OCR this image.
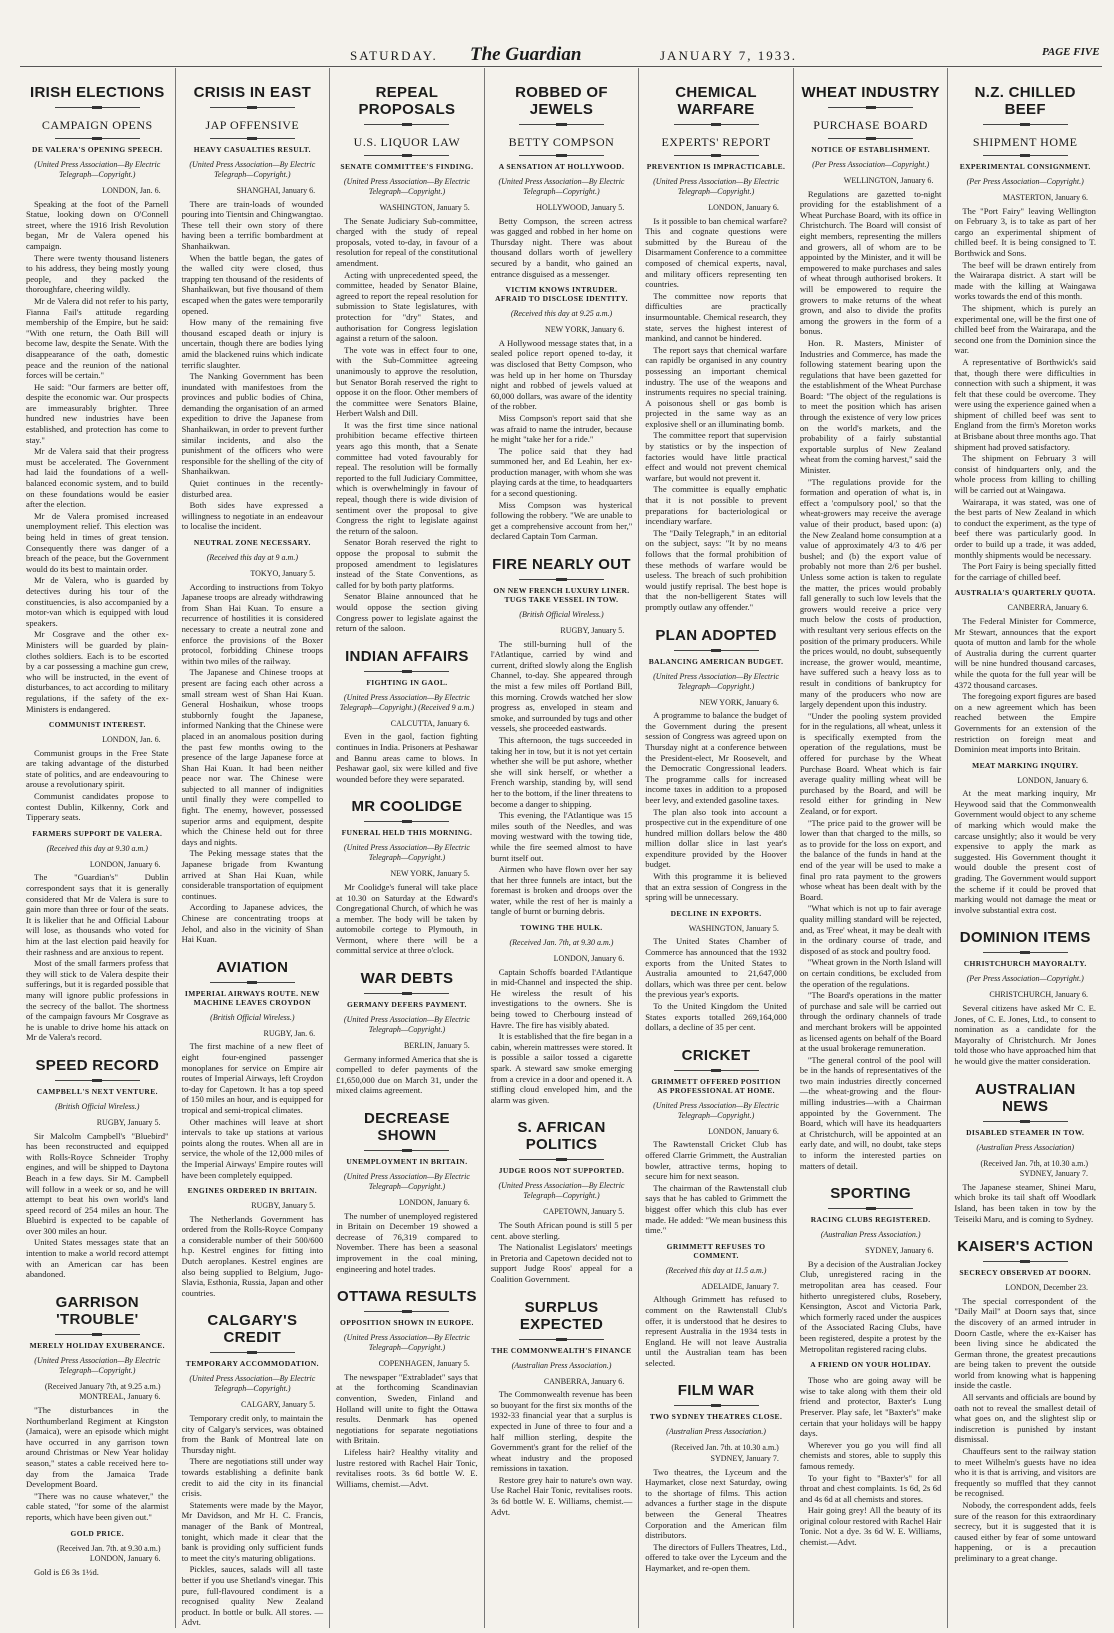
SATURDAY. The Guardian	JANUARY 7, 1933.	PAGE FIVE
IRISH ELECTIONS
CAMPAIGN OPENS
DE VALERA'S OPENING SPEECH.
(United Press Association—By Electric Telegraph—Copyright.)
LONDON, Jan. 6.

Speaking at the foot of the Parnell Statue, looking down on O'Connell street, where the 1916 Irish Revolution began, Mr de Valera opened his campaign.

There were twenty thousand listeners to his address, they being mostly young people, and they packed the thoroughfare, cheering wildly.

Mr de Valera did not refer to his party, Fianna Fail's attitude regarding membership of the Empire, but he said: "With one return, the Oath Bill will become law, despite the Senate. With the disappearance of the oath, domestic peace and the reunion of the national forces will be certain."

He said: "Our farmers are better off, despite the economic war. Our prospects are immeasurably brighter. Three hundred new industries have been established, and protection has come to stay."

Mr de Valera said that their progress must be accelerated. The Government had laid the foundations of a well-balanced economic system, and to build on these foundations would be easier after the election.

Mr de Valera promised increased unemployment relief. This election was being held in times of great tension. Consequently there was danger of a breach of the peace, but the Government would do its best to maintain order.

Mr de Valera, who is guarded by detectives during his tour of the constituencies, is also accompanied by a motor-van which is equipped with loud speakers.

Mr Cosgrave and the other ex-Ministers will be guarded by plain-clothes soldiers. Each is to be escorted by a car possessing a machine gun crew, who will be instructed, in the event of disturbances, to act according to military regulations, if the safety of the ex-Ministers is endangered.

COMMUNIST INTEREST.
LONDON, Jan. 6.

Communist groups in the Free State are taking advantage of the disturbed state of politics, and are endeavouring to arouse a revolutionary spirit.

Communist candidates propose to contest Dublin, Kilkenny, Cork and Tipperary seats.

FARMERS SUPPORT DE VALERA.
(Received this day at 9.30 a.m.)
LONDON, January 6.

The "Guardian's" Dublin correspondent says that it is generally considered that Mr de Valera is sure to gain more than three or four of the seats. It is likelier that he and Official Labour will lose, as thousands who voted for him at the last election paid heavily for their rashness and are anxious to repent.

Most of the small farmers profess that they will stick to de Valera despite their sufferings, but it is regarded possible that many will ignore public professions in the secrecy of the ballot. The shortness of the campaign favours Mr Cosgrave as he is unable to drive home his attack on Mr de Valera's record.

SPEED RECORD
CAMPBELL'S NEXT VENTURE.
(British Official Wireless.)
RUGBY, January 5.

Sir Malcolm Campbell's "Bluebird" has been reconstructed and equipped with Rolls-Royce Schneider Trophy engines, and will be shipped to Daytona Beach in a few days. Sir M. Campbell will follow in a week or so, and he will attempt to beat his own world's land speed record of 254 miles an hour. The Bluebird is expected to be capable of over 300 miles an hour.

United States messages state that an intention to make a world record attempt with an American car has been abandoned.

GARRISON 'TROUBLE'
MERELY HOLIDAY EXUBERANCE.
(United Press Association—By Electric Telegraph—Copyright.)
(Received January 7th, at 9.25 a.m.) MONTREAL, January 6.

"The disturbances in the Northumberland Regiment at Kingston (Jamaica), were an episode which might have occurred in any garrison town around Christmas or New Year holiday season," states a cable received here to-day from the Jamaica Trade Development Board.

"There was no cause whatever," the cable stated, "for some of the alarmist reports, which have been given out."

GOLD PRICE.
(Received Jan. 7th. at 9.30 a.m.) LONDON, January 6.

Gold is £6 3s 1½d.

CRISIS IN EAST
JAP OFFENSIVE
HEAVY CASUALTIES RESULT.
(United Press Association—By Electric Telegraph—Copyright.)
SHANGHAI, January 6.

There are train-loads of wounded pouring into Tientsin and Chingwangtao. These tell their own story of there having been a terrific bombardment at Shanhaikwan.

When the battle began, the gates of the walled city were closed, thus trapping ten thousand of the residents of Shanhaikwan, but five thousand of them escaped when the gates were temporarily opened.

How many of the remaining five thousand escaped death or injury is uncertain, though there are bodies lying amid the blackened ruins which indicate terrific slaughter.

The Nanking Government has been inundated with manifestoes from the provinces and public bodies of China, demanding the organisation of an armed expedition to drive the Japanese from Shanhaikwan, in order to prevent further similar incidents, and also the punishment of the officers who were responsible for the shelling of the city of Shanhaikwan.

Quiet continues in the recently-disturbed area.

Both sides have expressed a willingness to negotiate in an endeavour to localise the incident.

NEUTRAL ZONE NECESSARY.
(Received this day at 9 a.m.)
TOKYO, January 5.

According to instructions from Tokyo Japanese troops are already withdrawing from Shan Hai Kuan. To ensure a recurrence of hostilities it is considered necessary to create a neutral zone and enforce the provisions of the Boxer protocol, forbidding Chinese troops within two miles of the railway.

The Japanese and Chinese troops at present are facing each other across a small stream west of Shan Hai Kuan. General Hoshaikun, whose troops stubbornly fought the Japanese, informed Nanking that the Chinese were placed in an anomalous position during the past few months owing to the presence of the large Japanese force at Shan Hai Kuan. It had been neither peace nor war. The Chinese were subjected to all manner of indignities until finally they were compelled to fight. The enemy, however, possessed superior arms and equipment, despite which the Chinese held out for three days and nights.

The Peking message states that the Japanese brigade from Kwantung arrived at Shan Hai Kuan, while considerable transportation of equipment continues.

According to Japanese advices, the Chinese are concentrating troops at Jehol, and also in the vicinity of Shan Hai Kuan.

AVIATION
IMPERIAL AIRWAYS ROUTE. NEW MACHINE LEAVES CROYDON
(British Official Wireless.)
RUGBY, Jan. 6.

The first machine of a new fleet of eight four-engined passenger monoplanes for service on Empire air routes of Imperial Airways, left Croydon to-day for Capetown. It has a top speed of 150 miles an hour, and is equipped for tropical and semi-tropical climates.

Other machines will leave at short intervals to take up stations at various points along the routes. When all are in service, the whole of the 12,000 miles of the Imperial Airways' Empire routes will have been completely equipped.

ENGINES ORDERED IN BRITAIN.
RUGBY, January 5.

The Netherlands Government has ordered from the Rolls-Royce Company a considerable number of their 500/600 h.p. Kestrel engines for fitting into Dutch aeroplanes. Kestrel engines are also being supplied to Belgium, Jugo-Slavia, Esthonia, Russia, Japan and other countries.

CALGARY'S CREDIT
TEMPORARY ACCOMMODATION.
(United Press Association—By Electric Telegraph—Copyright.)
CALGARY, January 5.

Temporary credit only, to maintain the city of Calgary's services, was obtained from the Bank of Montreal late on Thursday night.

There are negotiations still under way towards establishing a definite bank credit to aid the city in its financial crisis.

Statements were made by the Mayor, Mr Davidson, and Mr H. C. Francis, manager of the Bank of Montreal, tonight, which made it clear that the bank is providing only sufficient funds to meet the city's maturing obligations.

Pickles, sauces, salads will all taste better if you use Shetland's vinegar. This pure, full-flavoured condiment is a recognised quality New Zealand product. In bottle or bulk. All stores. —Advt.

REPEAL PROPOSALS
U.S. LIQUOR LAW
SENATE COMMITTEE'S FINDING.
(United Press Association—By Electric Telegraph—Copyright.)
WASHINGTON, January 5.

The Senate Judiciary Sub-committee, charged with the study of repeal proposals, voted to-day, in favour of a resolution for repeal of the constitutional amendment.

Acting with unprecedented speed, the committee, headed by Senator Blaine, agreed to report the repeal resolution for submission to State legislatures, with protection for "dry" States, and authorisation for Congress legislation against a return of the saloon.

The vote was in effect four to one, with the Sub-Committee agreeing unanimously to approve the resolution, but Senator Borah reserved the right to oppose it on the floor. Other members of the committee were Senators Blaine, Herbert Walsh and Dill.

It was the first time since national prohibition became effective thirteen years ago this month, that a Senate committee had voted favourably for repeal. The resolution will be formally reported to the full Judiciary Committee, which is overwhelmingly in favour of repeal, though there is wide division of sentiment over the proposal to give Congress the right to legislate against the return of the saloon.

Senator Borah reserved the right to oppose the proposal to submit the proposed amendment to legislatures instead of the State Conventions, as called for by both party platforms.

Senator Blaine announced that he would oppose the section giving Congress power to legislate against the return of the saloon.

INDIAN AFFAIRS
FIGHTING IN GAOL.
(United Press Association—By Electric Telegraph—Copyright.) (Received 9 a.m.)
CALCUTTA, January 6.

Even in the gaol, faction fighting continues in India. Prisoners at Peshawar and Bannu areas came to blows. In Peshawar gaol, six were killed and five wounded before they were separated.

MR COOLIDGE
FUNERAL HELD THIS MORNING.
(United Press Association—By Electric Telegraph—Copyright.)
NEW YORK, January 5.

Mr Coolidge's funeral will take place at 10.30 on Saturday at the Edward's Congregational Church, of which he was a member. The body will be taken by automobile cortege to Plymouth, in Vermont, where there will be a committal service at three o'clock.

WAR DEBTS
GERMANY DEFERS PAYMENT.
(United Press Association—By Electric Telegraph—Copyright.)
BERLIN, January 5.

Germany informed America that she is compelled to defer payments of the £1,650,000 due on March 31, under the mixed claims agreement.

DECREASE SHOWN
UNEMPLOYMENT IN BRITAIN.
(United Press Association—By Electric Telegraph—Copyright.)
LONDON, January 6.

The number of unemployed registered in Britain on December 19 showed a decrease of 76,319 compared to November. There has been a seasonal improvement in the coal mining, engineering and hotel trades.

OTTAWA RESULTS
OPPOSITION SHOWN IN EUROPE.
(United Press Association—By Electric Telegraph—Copyright.)
COPENHAGEN, January 5.

The newspaper "Extrabladet" says that at the forthcoming Scandinavian convention, Sweden, Finland and Holland will unite to fight the Ottawa results. Denmark has opened negotiations for separate negotiations with Britain.

Lifeless hair? Healthy vitality and lustre restored with Rachel Hair Tonic, revitalises roots. 3s 6d bottle W. E. Williams, chemist.—Advt.

ROBBED OF JEWELS
BETTY COMPSON
A SENSATION AT HOLLYWOOD.
(United Press Association—By Electric Telegraph—Copyright.)
HOLLYWOOD, January 5.

Betty Compson, the screen actress was gagged and robbed in her home on Thursday night. There was about thousand dollars worth of jewellery secured by a bandit, who gained an entrance disguised as a messenger.

VICTIM KNOWS INTRUDER. AFRAID TO DISCLOSE IDENTITY.
(Received this day at 9.25 a.m.)
NEW YORK, January 6.

A Hollywood message states that, in a sealed police report opened to-day, it was disclosed that Betty Compson, who was held up in her home on Thursday night and robbed of jewels valued at 60,000 dollars, was aware of the identity of the robber.

Miss Compson's report said that she was afraid to name the intruder, because he might "take her for a ride."

The police said that they had summoned her, and Ed Leahin, her ex-production manager, with whom she was playing cards at the time, to headquarters for a second questioning.

Miss Compson was hysterical following the robbery. "We are unable to get a comprehensive account from her," declared Captain Tom Carman.

FIRE NEARLY OUT
ON NEW FRENCH LUXURY LINER. TUGS TAKE VESSEL IN TOW.
(British Official Wireless.)
RUGBY, January 5.

The still-burning hull of the l'Atlantique, carried by wind and current, drifted slowly along the English Channel, to-day. She appeared through the mist a few miles off Portland Bill, this morning. Crowds watched her slow progress as, enveloped in steam and smoke, and surrounded by tugs and other vessels, she proceeded eastwards.

This afternoon, the tugs succeeded in taking her in tow, but it is not yet certain whether she will be put ashore, whether she will sink herself, or whether a French warship, standing by, will send her to the bottom, if the liner threatens to become a danger to shipping.

This evening, the l'Atlantique was 15 miles south of the Needles, and was moving westward with the towing tide, while the fire seemed almost to have burnt itself out.

Airmen who have flown over her say that her three funnels are intact, but the foremast is broken and droops over the water, while the rest of her is mainly a tangle of burnt or burning debris.

TOWING THE HULK.
(Received Jan. 7th, at 9.30 a.m.)
LONDON, January 6.

Captain Schoffs boarded l'Atlantique in mid-Channel and inspected the ship. He wireless the result of his investigations to the owners. She is being towed to Cherbourg instead of Havre. The fire has visibly abated.

It is established that the fire began in a cabin, wherein mattresses were stored. It is possible a sailor tossed a cigarette spark. A steward saw smoke emerging from a crevice in a door and opened it. A stifling cloud enveloped him, and the alarm was given.

S. AFRICAN POLITICS
JUDGE ROOS NOT SUPPORTED.
(United Press Association—By Electric Telegraph—Copyright.)
CAPETOWN, January 5.

The South African pound is still 5 per cent. above sterling.

The Nationalist Legislators' meetings in Pretoria and Capetown decided not to support Judge Roos' appeal for a Coalition Government.

SURPLUS EXPECTED
THE COMMONWEALTH'S FINANCE
(Australian Press Association.)
CANBERRA, January 6.

The Commonwealth revenue has been so buoyant for the first six months of the 1932-33 financial year that a surplus is expected in June of three to four and a half million sterling, despite the Government's grant for the relief of the wheat industry and the proposed remissions in taxation.

Restore grey hair to nature's own way. Use Rachel Hair Tonic, revitalises roots. 3s 6d bottle W. E. Williams, chemist.—Advt.

CHEMICAL WARFARE
EXPERTS' REPORT
PREVENTION IS IMPRACTICABLE.
(United Press Association—By Electric Telegraph—Copyright.)
LONDON, January 6.

Is it possible to ban chemical warfare? This and cognate questions were submitted by the Bureau of the Disarmament Conference to a committee composed of chemical experts, naval, and military officers representing ten countries.

The committee now reports that difficulties are practically insurmountable. Chemical research, they state, serves the highest interest of mankind, and cannot be hindered.

The report says that chemical warfare can rapidly be organised in any country possessing an important chemical industry. The use of the weapons and instruments requires no special training. A poisonous shell or gas bomb is projected in the same way as an explosive shell or an illuminating bomb.

The committee report that supervision by statistics or by the inspection of factories would have little practical effect and would not prevent chemical warfare, but would not prevent it.

The committee is equally emphatic that it is not possible to prevent preparations for bacteriological or incendiary warfare.

The "Daily Telegraph," in an editorial on the subject, says: "It by no means follows that the formal prohibition of these methods of warfare would be useless. The breach of such prohibition would justify reprisal. The best hope is that the non-belligerent States will promptly outlaw any offender."

PLAN ADOPTED
BALANCING AMERICAN BUDGET.
(United Press Association—By Electric Telegraph—Copyright.)
NEW YORK, January 6.

A programme to balance the budget of the Government during the present session of Congress was agreed upon on Thursday night at a conference between the President-elect, Mr Roosevelt, and the Democratic Congressional leaders. The programme calls for increased income taxes in addition to a proposed beer levy, and extended gasoline taxes.

The plan also took into account a prospective cut in the expenditure of one hundred million dollars below the 480 million dollar slice in last year's expenditure provided by the Hoover budget.

With this programme it is believed that an extra session of Congress in the spring will be unnecessary.

DECLINE IN EXPORTS.
WASHINGTON, January 5.

The United States Chamber of Commerce has announced that the 1932 exports from the United States to Australia amounted to 21,647,000 dollars, which was three per cent. below the previous year's exports.

To the United Kingdom the United States exports totalled 269,164,000 dollars, a decline of 35 per cent.

CRICKET
GRIMMETT OFFERED POSITION AS PROFESSIONAL AT HOME.
(United Press Association—By Electric Telegraph—Copyright.)
LONDON, January 6.

The Rawtenstall Cricket Club has offered Clarrie Grimmett, the Australian bowler, attractive terms, hoping to secure him for next season.

The chairman of the Rawtenstall club says that he has cabled to Grimmett the biggest offer which this club has ever made. He added: "We mean business this time."

GRIMMETT REFUSES TO COMMENT.
(Received this day at 11.5 a.m.)
ADELAIDE, January 7.

Although Grimmett has refused to comment on the Rawtenstall Club's offer, it is understood that he desires to represent Australia in the 1934 tests in England. He will not leave Australia until the Australian team has been selected.

FILM WAR
TWO SYDNEY THEATRES CLOSE.
(Australian Press Association.)
(Received Jan. 7th. at 10.30 a.m.) SYDNEY, January 7.

Two theatres, the Lyceum and the Haymarket, close next Saturday, owing to the shortage of films. This action advances a further stage in the dispute between the General Theatres Corporation and the American film distributors.

The directors of Fullers Theatres, Ltd., offered to take over the Lyceum and the Haymarket, and re-open them.

WHEAT INDUSTRY
PURCHASE BOARD
NOTICE OF ESTABLISHMENT.
(Per Press Association—Copyright.)
WELLINGTON, January 6.

Regulations are gazetted to-night providing for the establishment of a Wheat Purchase Board, with its office in Christchurch. The Board will consist of eight members, representing the millers and growers, all of whom are to be appointed by the Minister, and it will be empowered to make purchases and sales of wheat through authorised brokers. It will be empowered to require the growers to make returns of the wheat grown, and also to divide the profits among the growers in the form of a bonus.

Hon. R. Masters, Minister of Industries and Commerce, has made the following statement bearing upon the regulations that have been gazetted for the establishment of the Wheat Purchase Board: "The object of the regulations is to meet the position which has arisen through the existence of very low prices on the world's markets, and the probability of a fairly substantial exportable surplus of New Zealand wheat from the coming harvest," said the Minister.

"The regulations provide for the formation and operation of what is, in effect a 'compulsory pool,' so that the wheat-growers may receive the average value of their product, based upon: (a) the New Zealand home consumption at a value of approximately 4/3 to 4/6 per bushel; and (b) the export value of probably not more than 2/6 per bushel. Unless some action is taken to regulate the matter, the prices would probably fall generally to such low levels that the growers would receive a price very much below the costs of production, with resultant very serious effects on the position of the primary producers. While the prices would, no doubt, subsequently increase, the grower would, meantime, have suffered such a heavy loss as to result in conditions of bankruptcy for many of the producers who now are largely dependent upon this industry.

"Under the pooling system provided for in the regulations, all wheat, unless it is specifically exempted from the operation of the regulations, must be offered for purchase by the Wheat Purchase Board. Wheat which is fair average quality milling wheat will be purchased by the Board, and will be resold either for grinding in New Zealand, or for export.

"The price paid to the grower will be lower than that charged to the mills, so as to provide for the loss on export, and the balance of the funds in hand at the end of the year will be used to make a final pro rata payment to the growers whose wheat has been dealt with by the Board.

"What which is not up to fair average quality milling standard will be rejected, and, as 'Free' wheat, it may be dealt with in the ordinary course of trade, and disposed of as stock and poultry food.

"Wheat grown in the North Island will on certain conditions, be excluded from the operation of the regulations.

"The Board's operations in the matter of purchase and sale will be carried out through the ordinary channels of trade and merchant brokers will be appointed as licensed agents on behalf of the Board at the usual brokerage remuneration.

"The general control of the pool will be in the hands of representatives of the two main industries directly concerned—the wheat-growing and the flour-milling industries—with a Chairman appointed by the Government. The Board, which will have its headquarters at Christchurch, will be appointed at an early date, and will, no doubt, take steps to inform the interested parties on matters of detail.

SPORTING
RACING CLUBS REGISTERED.
(Australian Press Association.)
SYDNEY, January 6.

By a decision of the Australian Jockey Club, unregistered racing in the metropolitan area has ceased. Four hitherto unregistered clubs, Rosebery, Kensington, Ascot and Victoria Park, which formerly raced under the auspices of the Associated Racing Clubs, have been registered, despite a protest by the Metropolitan registered racing clubs.

A FRIEND ON YOUR HOLIDAY.

Those who are going away will be wise to take along with them their old friend and protector, Baxter's Lung Preserver. Play safe, let "Baxter's" make certain that your holidays will be happy days.

Wherever you go you will find all chemists and stores, able to supply this famous remedy.

To your fight to "Baxter's" for all throat and chest complaints. 1s 6d, 2s 6d and 4s 6d at all chemists and stores.

Hair going grey! All the beauty of its original colour restored with Rachel Hair Tonic. Not a dye. 3s 6d W. E. Williams, chemist.—Advt.

N.Z. CHILLED BEEF
SHIPMENT HOME
EXPERIMENTAL CONSIGNMENT.
(Per Press Association—Copyright.)
MASTERTON, January 6.

The "Port Fairy" leaving Wellington on February 3, is to take as part of her cargo an experimental shipment of chilled beef. It is being consigned to T. Borthwick and Sons.

The beef will be drawn entirely from the Wairarapa district. A start will be made with the killing at Waingawa works towards the end of this month.

The shipment, which is purely an experimental one, will be the first one of chilled beef from the Wairarapa, and the second one from the Dominion since the war.

A representative of Borthwick's said that, though there were difficulties in connection with such a shipment, it was felt that these could be overcome. They were using the experience gained when a shipment of chilled beef was sent to England from the firm's Moreton works at Brisbane about three months ago. That shipment had proved satisfactory.

The shipment on February 3 will consist of hindquarters only, and the whole process from killing to chilling will be carried out at Waingawa.

Wairarapa, it was stated, was one of the best parts of New Zealand in which to conduct the experiment, as the type of beef there was particularly good. In order to build up a trade, it was added, monthly shipments would be necessary.

The Port Fairy is being specially fitted for the carriage of chilled beef.

AUSTRALIA'S QUARTERLY QUOTA.
CANBERRA, January 6.

The Federal Minister for Commerce, Mr Stewart, announces that the export quota of mutton and lamb for the whole of Australia during the current quarter will be nine hundred thousand carcases, while the quota for the full year will be 4372 thousand carcases.

The foregoing export figures are based on a new agreement which has been reached between the Empire Governments for an extension of the restriction on foreign meat and Dominion meat imports into Britain.

MEAT MARKING INQUIRY.
LONDON, January 6.

At the meat marking inquiry, Mr Heywood said that the Commonwealth Government would object to any scheme of marking which would make the carcase unsightly; also it would be very expensive to apply the mark as suggested. His Government thought it would double the present cost of grading. The Government would support the scheme if it could be proved that marking would not damage the meat or involve substantial extra cost.

DOMINION ITEMS
CHRISTCHURCH MAYORALTY.
(Per Press Association—Copyright.)
CHRISTCHURCH, January 6.

Several citizens have asked Mr C. E. Jones, of C. E. Jones, Ltd., to consent to nomination as a candidate for the Mayoralty of Christchurch. Mr Jones told those who have approached him that he would give the matter consideration.

AUSTRALIAN NEWS
DISABLED STEAMER IN TOW.
(Australian Press Association)
(Received Jan. 7th, at 10.30 a.m.) SYDNEY, January 7.

The Japanese steamer, Shinei Maru, which broke its tail shaft off Woodlark Island, has been taken in tow by the Teiseiki Maru, and is coming to Sydney.

KAISER'S ACTION
SECRECY OBSERVED AT DOORN.
LONDON, December 23.

The special correspondent of the "Daily Mail" at Doorn says that, since the discovery of an armed intruder in Doorn Castle, where the ex-Kaiser has been living since he abdicated the German throne, the greatest precautions are being taken to prevent the outside world from knowing what is happening inside the castle.

All servants and officials are bound by oath not to reveal the smallest detail of what goes on, and the slightest slip or indiscretion is punished by instant dismissal.

Chauffeurs sent to the railway station to meet Wilhelm's guests have no idea who it is that is arriving, and visitors are frequently so muffled that they cannot be recognised.

Nobody, the correspondent adds, feels sure of the reason for this extraordinary secrecy, but it is suggested that it is caused either by fear of some untoward happening, or is a precaution preliminary to a great change.
